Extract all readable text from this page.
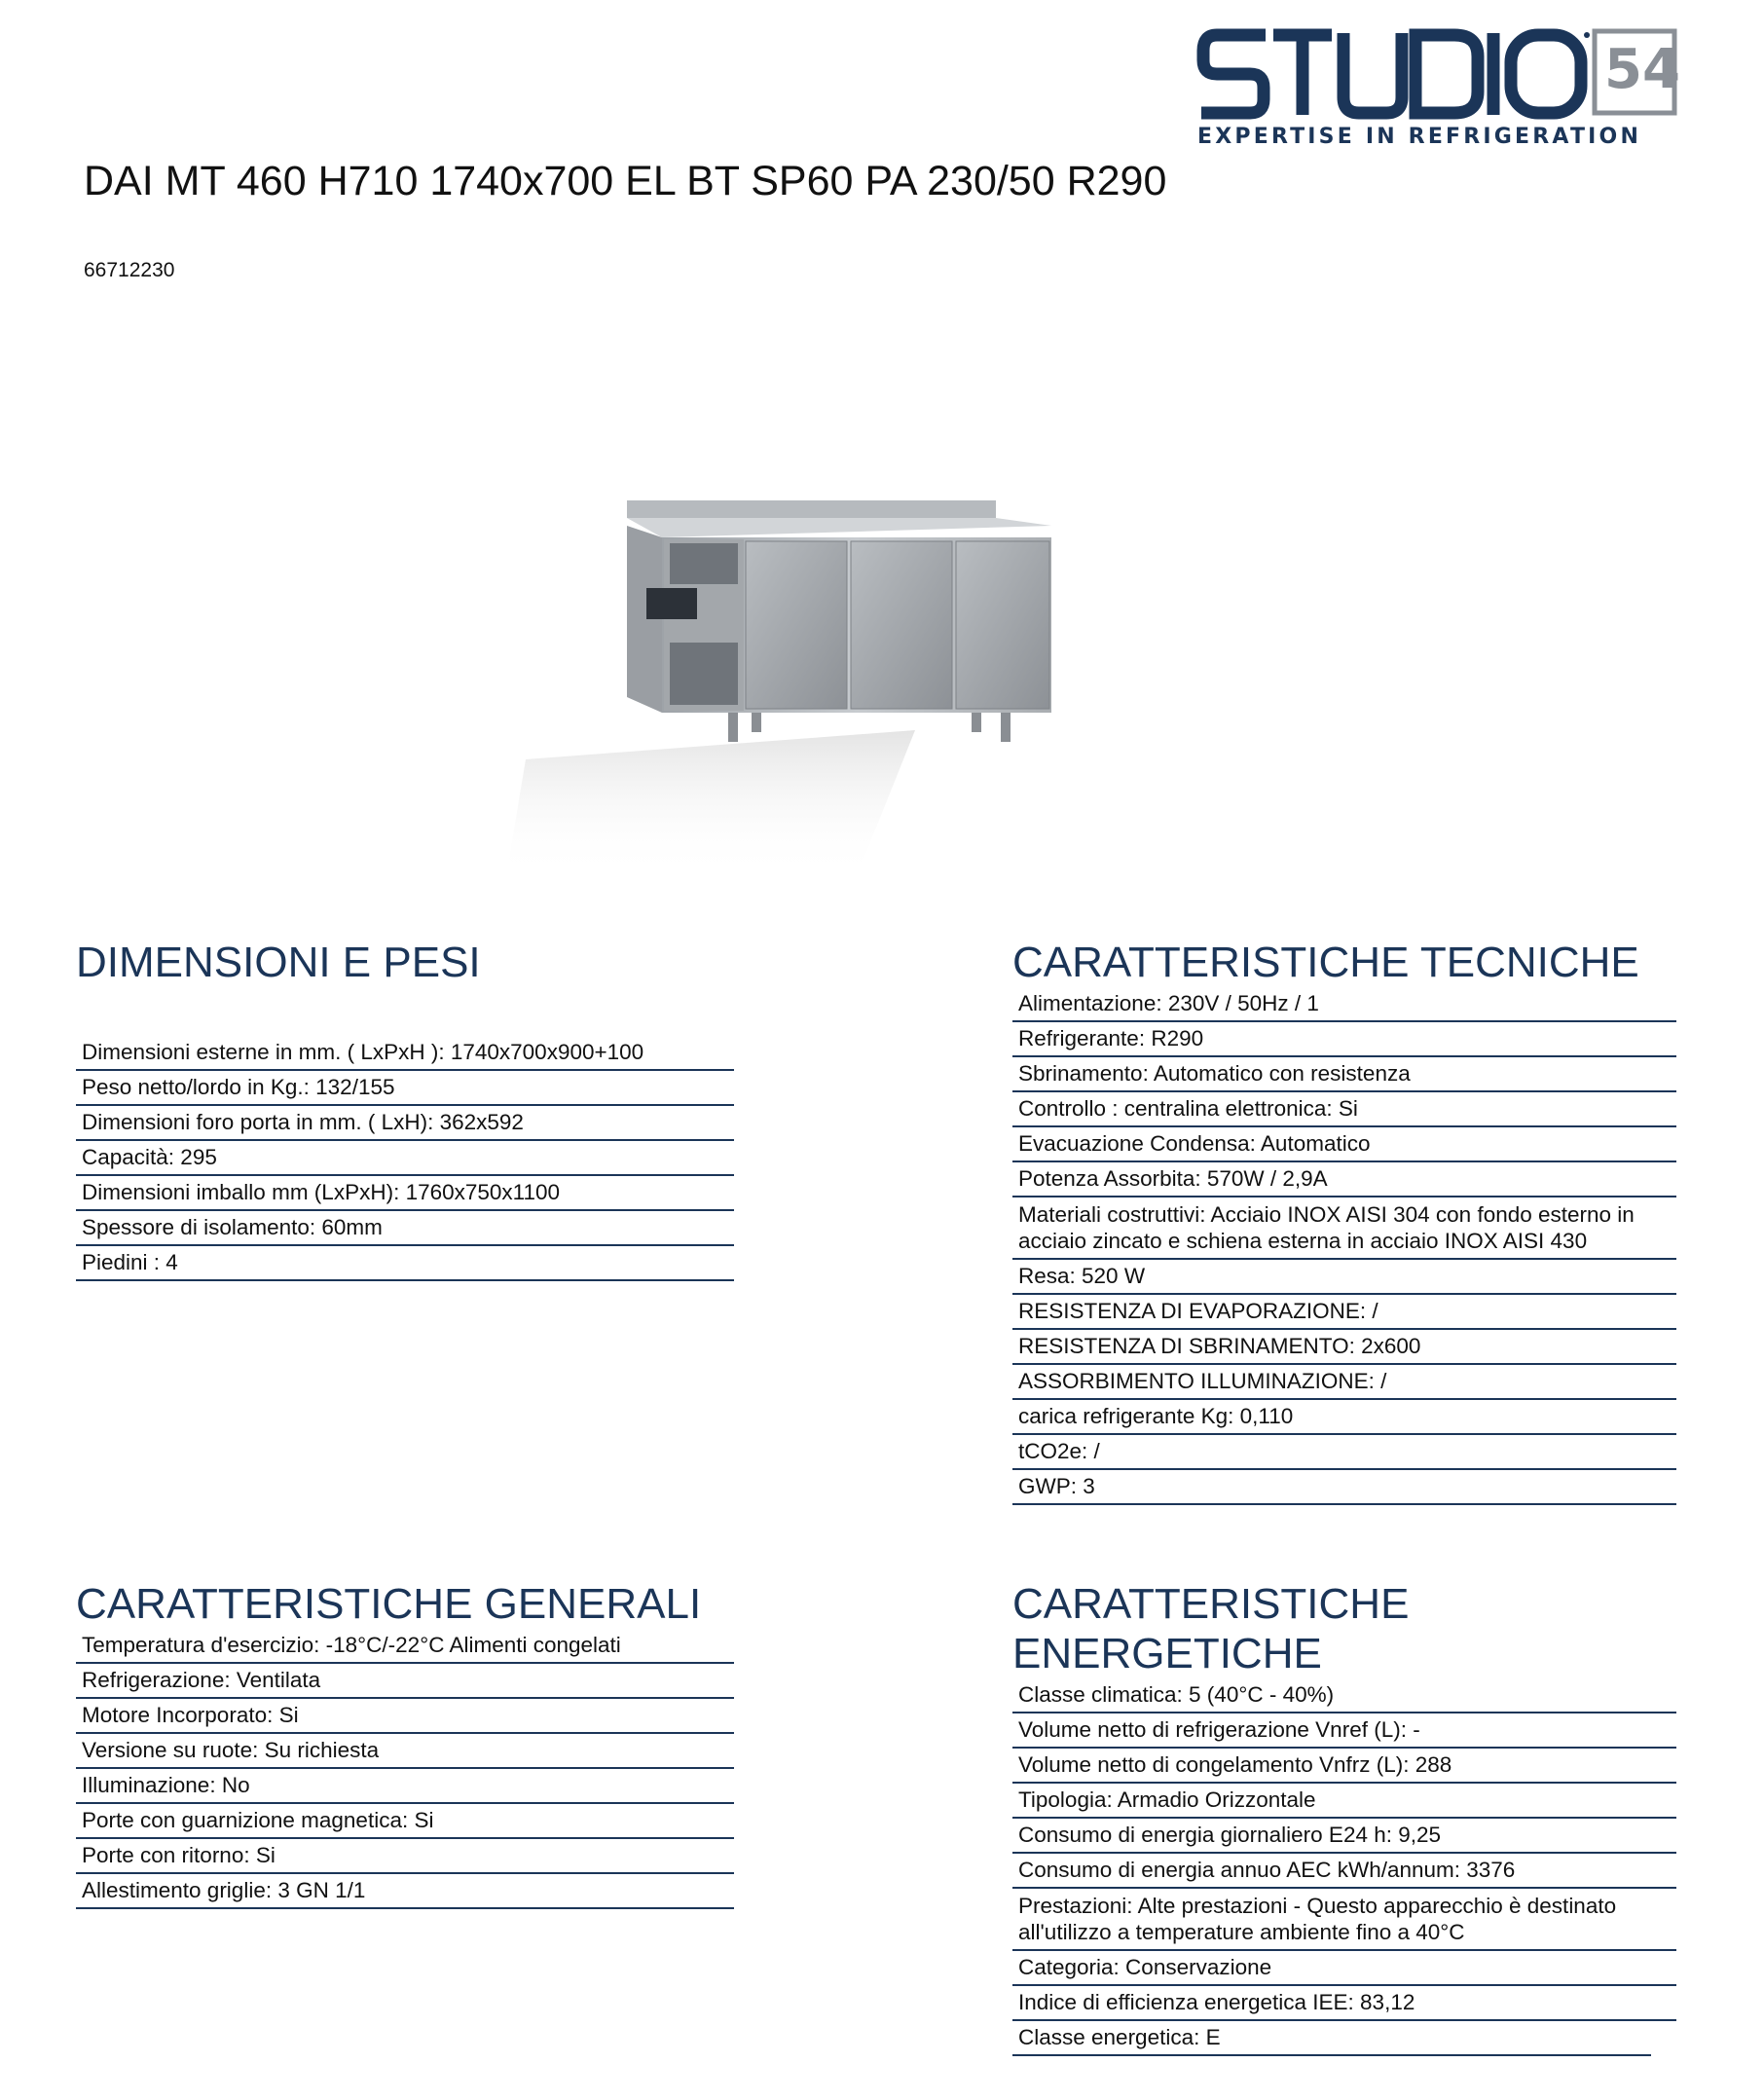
54
EXPERTISE IN REFRIGERATION
DAI MT 460 H710 1740x700 EL BT SP60 PA 230/50 R290
66712230
DIMENSIONI E PESI
Dimensioni esterne in mm. ( LxPxH ): 1740x700x900+100
Peso netto/lordo in Kg.: 132/155
Dimensioni foro porta in mm. ( LxH): 362x592
Capacità: 295
Dimensioni imballo mm (LxPxH): 1760x750x1100
Spessore di isolamento: 60mm
Piedini : 4
CARATTERISTICHE TECNICHE
Alimentazione: 230V / 50Hz / 1
Refrigerante: R290
Sbrinamento: Automatico con resistenza
Controllo : centralina elettronica: Si
Evacuazione Condensa: Automatico
Potenza Assorbita: 570W / 2,9A
Materiali costruttivi: Acciaio INOX AISI 304 con fondo esterno in acciaio zincato e schiena esterna in acciaio INOX AISI 430
Resa: 520 W
RESISTENZA DI EVAPORAZIONE: /
RESISTENZA DI SBRINAMENTO: 2x600
ASSORBIMENTO ILLUMINAZIONE: /
carica refrigerante Kg: 0,110
tCO2e: /
GWP: 3
CARATTERISTICHE GENERALI
Temperatura d'esercizio: -18°C/-22°C Alimenti congelati
Refrigerazione: Ventilata
Motore Incorporato: Si
Versione su ruote: Su richiesta
Illuminazione: No
Porte con guarnizione magnetica: Si
Porte con ritorno: Si
Allestimento griglie: 3 GN 1/1
CARATTERISTICHE ENERGETICHE
Classe climatica: 5 (40°C - 40%)
Volume netto di refrigerazione Vnref (L): -
Volume netto di congelamento Vnfrz (L): 288
Tipologia: Armadio Orizzontale
Consumo di energia giornaliero E24 h: 9,25
Consumo di energia annuo AEC kWh/annum: 3376
Prestazioni: Alte prestazioni - Questo apparecchio è destinato all'utilizzo a temperature ambiente fino a 40°C
Categoria: Conservazione
Indice di efficienza energetica IEE: 83,12
Classe energetica: E
